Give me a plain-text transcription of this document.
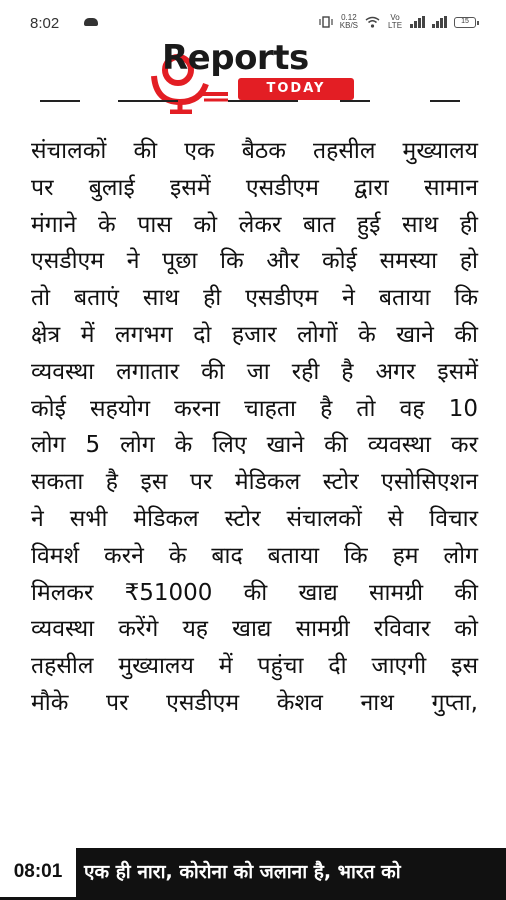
8:02	0.12
KB/S
Vo LTE	15
Reports
TODAY
संचालकों की एक बैठक तहसील मुख्यालय
पर बुलाई इसमें एसडीएम द्वारा सामान
मंगाने के पास को लेकर बात हुई साथ ही
एसडीएम ने पूछा कि और कोई समस्या हो
तो बताएं साथ ही एसडीएम ने बताया कि
क्षेत्र में लगभग दो हजार लोगों के खाने की
व्यवस्था लगातार की जा रही है अगर इसमें
कोई सहयोग करना चाहता है तो वह 10
लोग 5 लोग के लिए खाने की व्यवस्था कर
सकता है इस पर मेडिकल स्टोर एसोसिएशन
ने सभी मेडिकल स्टोर संचालकों से विचार
विमर्श करने के बाद बताया कि हम लोग
मिलकर ₹51000 की खाद्य सामग्री की
व्यवस्था करेंगे यह खाद्य सामग्री रविवार को
तहसील मुख्यालय में पहुंचा दी जाएगी इस
मौके पर एसडीएम केशव नाथ गुप्ता,
08:01	एक ही नारा, कोरोना को जलाना है, भारत को
